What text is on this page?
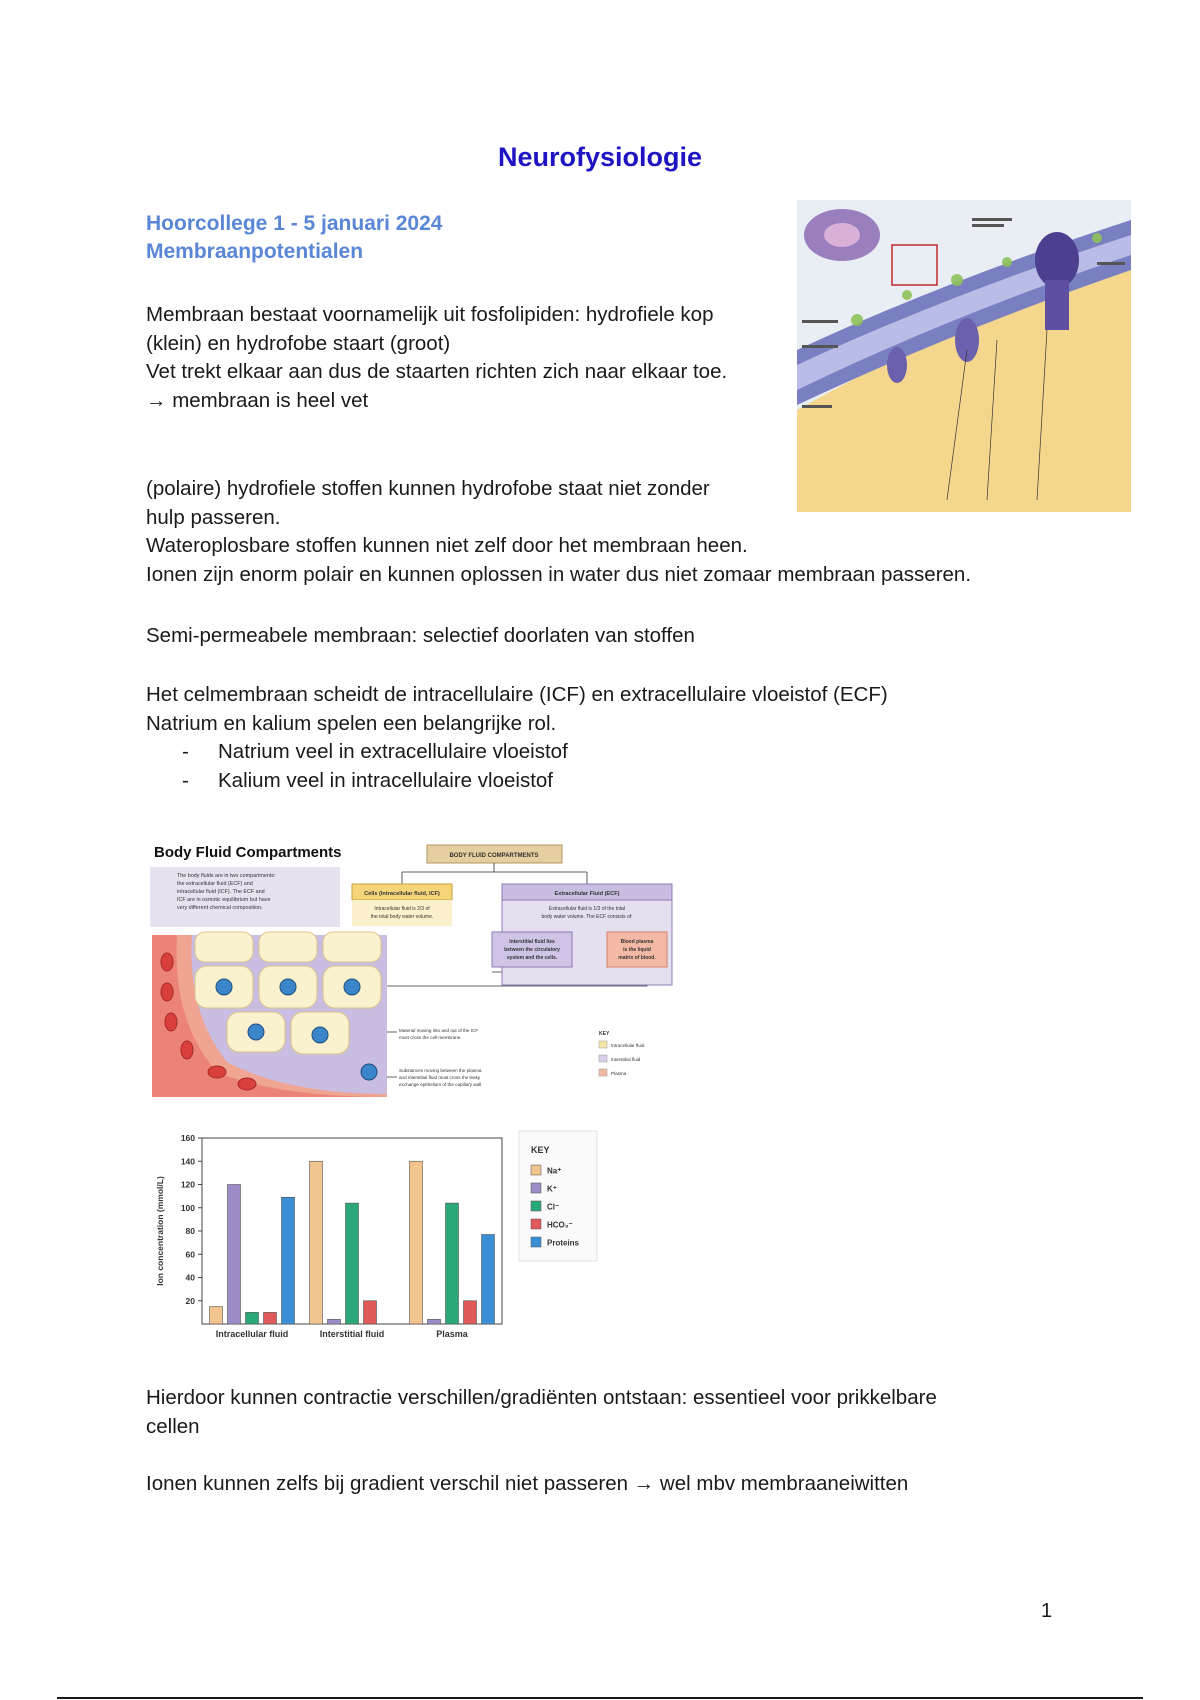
Neurofysiologie
Hoorcollege 1 - 5 januari 2024
Membraanpotentialen
Membraan bestaat voornamelijk uit fosfolipiden: hydrofiele kop
(klein) en hydrofobe staart (groot)
Vet trekt elkaar aan dus de staarten richten zich naar elkaar toe.
→ membraan is heel vet
(polaire) hydrofiele stoffen kunnen hydrofobe staat niet zonder
hulp passeren.
Wateroplosbare stoffen kunnen niet zelf door het membraan heen.
Ionen zijn enorm polair en kunnen oplossen in water dus niet zomaar membraan passeren.
Semi-permeabele membraan: selectief doorlaten van stoffen
Het celmembraan scheidt de intracellulaire (ICF) en extracellulaire vloeistof (ECF)
Natrium en kalium spelen een belangrijke rol.
- Natrium veel in extracellulaire vloeistof
- Kalium veel in intracellulaire vloeistof
Body Fluid Compartments
The body fluids are in two compartments:
the extracellular fluid (ECF) and
intracellular fluid (ICF). The ECF and
ICF are in osmotic equilibrium but have
very different chemical composition.
BODY FLUID COMPARTMENTS
Cells (Intracellular fluid, ICF)
Intracellular fluid is 2/3 of
the total body water volume.
Extracellular Fluid (ECF)
Extracellular fluid is 1/3 of the total
body water volume. The ECF consists of:
Interstitial fluid lies
between the circulatory
system and the cells.
Blood plasma
is the liquid
matrix of blood.
Material moving into and out of the ICF
must cross the cell membrane.
Substances moving between the plasma
and interstitial fluid must cross the leaky
exchange epithelium of the capillary wall.
KEY
Intracellular fluid
Interstitial fluid
Plasma
20
40
60
80
100
120
140
160
Ion concentration (mmol/L)
Intracellular fluid	Interstitial fluid	Plasma
KEY
Na⁺
K⁺
Cl⁻
HCO₃⁻
Proteins
Hierdoor kunnen contractie verschillen/gradiënten ontstaan: essentieel voor prikkelbare
cellen
Ionen kunnen zelfs bij gradient verschil niet passeren → wel mbv membraaneiwitten
1
